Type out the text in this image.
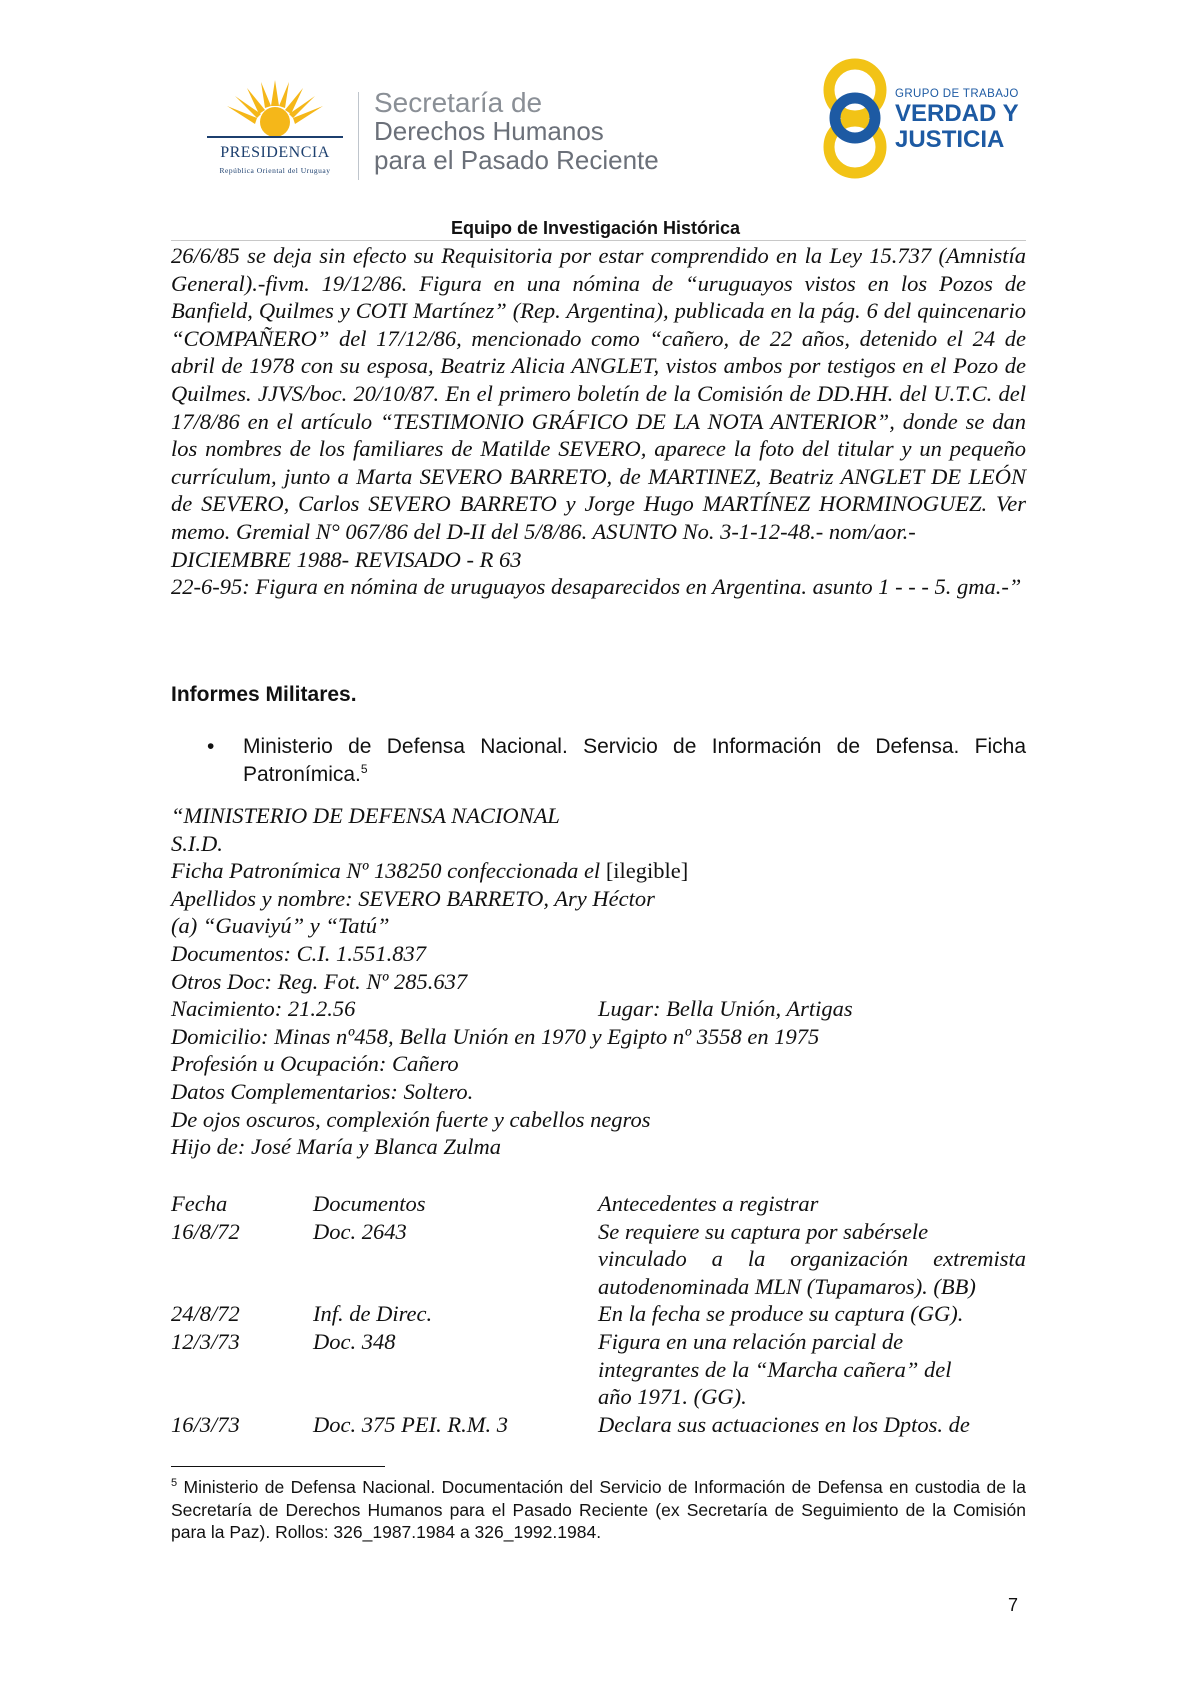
PRESIDENCIA
República Oriental del Uruguay
Secretaría de
Derechos Humanos
para el Pasado Reciente
GRUPO DE TRABAJO
VERDAD Y
JUSTICIA
Equipo de Investigación Histórica

26/6/85 se deja sin efecto su Requisitoria por estar comprendido en la Ley 15.737 (Amnistía General).-fivm. 19/12/86. Figura en una nómina de “uruguayos vistos en los Pozos de Banfield, Quilmes y COTI Martínez” (Rep. Argentina), publicada en la pág. 6 del quincenario “COMPAÑERO” del 17/12/86, mencionado como “cañero, de 22 años, detenido el 24 de abril de 1978 con su esposa, Beatriz Alicia ANGLET, vistos ambos por testigos en el Pozo de Quilmes. JJVS/boc. 20/10/87. En el primero boletín de la Comisión de DD.HH. del U.T.C. del 17/8/86 en el artículo “TESTIMONIO GRÁFICO DE LA NOTA ANTERIOR”, donde se dan los nombres de los familiares de Matilde SEVERO, aparece la foto del titular y un pequeño currículum, junto a Marta SEVERO BARRETO, de MARTINEZ, Beatriz ANGLET DE LEÓN de SEVERO, Carlos SEVERO BARRETO y Jorge Hugo MARTÍNEZ HORMINOGUEZ. Ver memo. Gremial N° 067/86 del D-II del 5/8/86. ASUNTO No. 3-1-12-48.- nom/aor.-

DICIEMBRE 1988- REVISADO - R 63

22-6-95: Figura en nómina de uruguayos desaparecidos en Argentina. asunto 1 - - - 5. gma.-”

Informes Militares.
• Ministerio de Defensa Nacional. Servicio de Información de Defensa. Ficha Patronímica.$^5$
“MINISTERIO DE DEFENSA NACIONAL
S.I.D.
Ficha Patronímica Nº 138250 confeccionada el [ilegible]
Apellidos y nombre: SEVERO BARRETO, Ary Héctor
(a) “Guaviyú” y “Tatú”
Documentos: C.I. 1.551.837
Otros Doc: Reg. Fot. Nº 285.637
Nacimiento: 21.2.56	Lugar: Bella Unión, Artigas
Domicilio: Minas nº458, Bella Unión en 1970 y Egipto nº 3558 en 1975
Profesión u Ocupación: Cañero
Datos Complementarios: Soltero.
De ojos oscuros, complexión fuerte y cabellos negros
Hijo de: José María y Blanca Zulma
Fecha	Documentos	Antecedentes a registrar
16/8/72	Doc. 2643	Se requiere su captura por sabérsele
vinculado a la organización extremista
autodenominada MLN (Tupamaros). (BB)
24/8/72	Inf. de Direc.	En la fecha se produce su captura (GG).
12/3/73	Doc. 348	Figura en una relación parcial de
integrantes de la “Marcha cañera” del
año 1971. (GG).
16/3/73	Doc. 375 PEI. R.M. 3	Declara sus actuaciones en los Dptos. de
$^5$ Ministerio de Defensa Nacional. Documentación del Servicio de Información de Defensa en custodia de la Secretaría de Derechos Humanos para el Pasado Reciente (ex Secretaría de Seguimiento de la Comisión para la Paz). Rollos: 326_1987.1984 a 326_1992.1984.
7
